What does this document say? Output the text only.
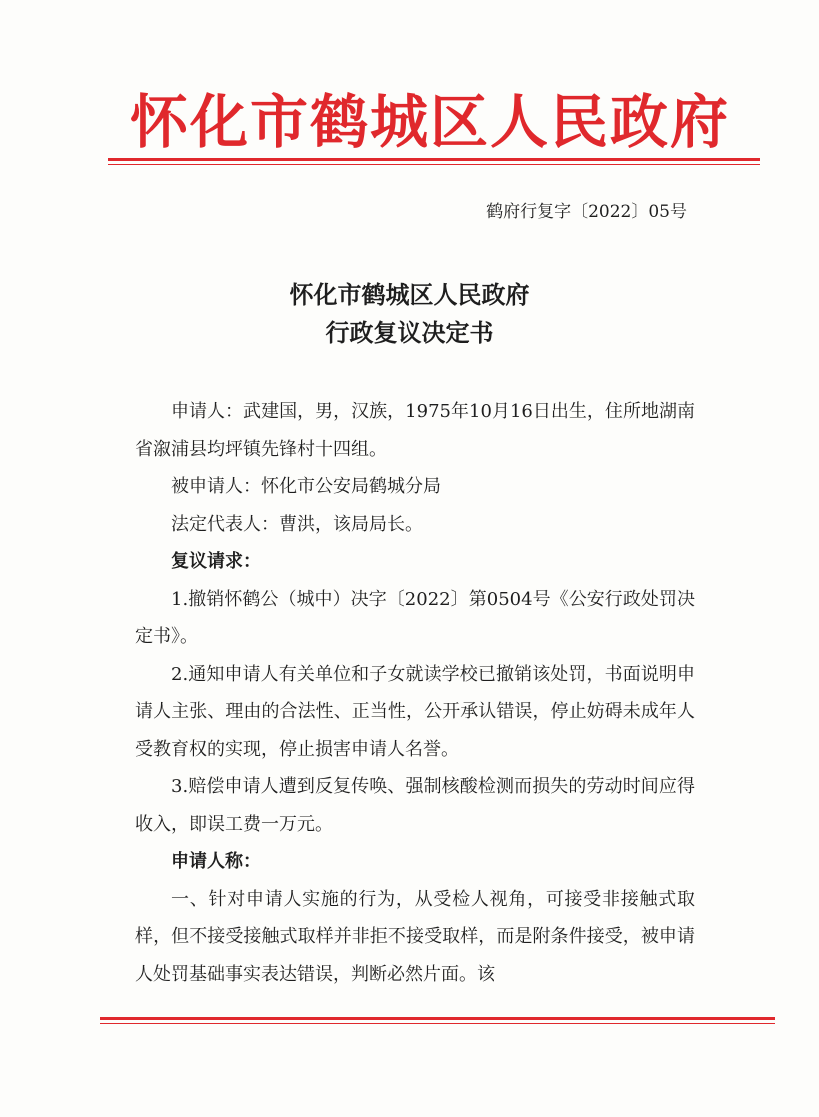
怀化市鹤城区人民政府
鹤府行复字〔2022〕05号
怀化市鹤城区人民政府
行政复议决定书

申请人：武建国，男，汉族，1975年10月16日出生，住所地湖南省溆浦县均坪镇先锋村十四组。

被申请人：怀化市公安局鹤城分局

法定代表人：曹洪，该局局长。

复议请求：

1.撤销怀鹤公（城中）决字〔2022〕第0504号《公安行政处罚决定书》。

2.通知申请人有关单位和子女就读学校已撤销该处罚，书面说明申请人主张、理由的合法性、正当性，公开承认错误，停止妨碍未成年人受教育权的实现，停止损害申请人名誉。

3.赔偿申请人遭到反复传唤、强制核酸检测而损失的劳动时间应得收入，即误工费一万元。

申请人称：

一、针对申请人实施的行为，从受检人视角，可接受非接触式取样，但不接受接触式取样并非拒不接受取样，而是附条件接受，被申请人处罚基础事实表达错误，判断必然片面。该
